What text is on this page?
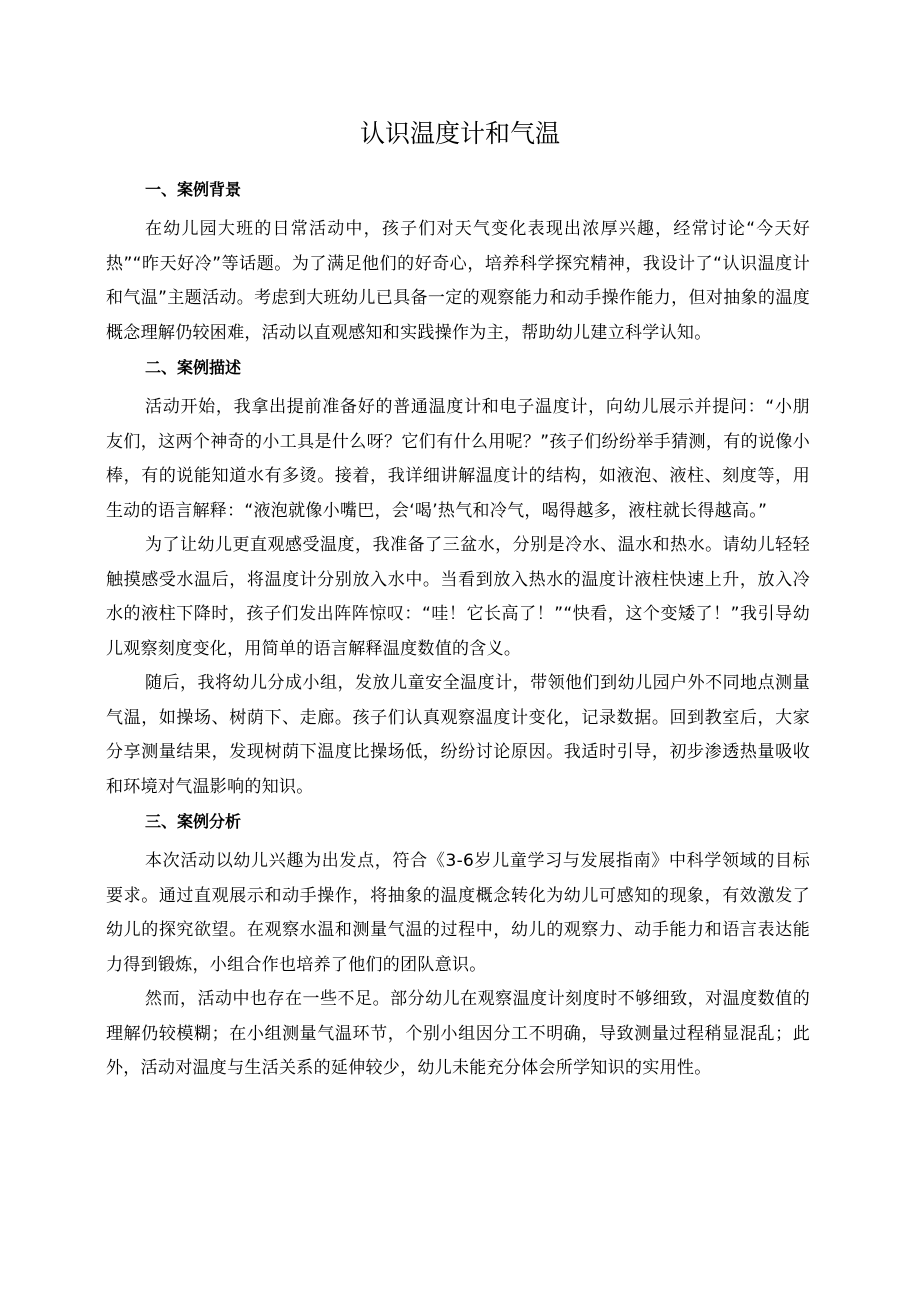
认识温度计和气温
一、案例背景

在幼儿园大班的日常活动中，孩子们对天气变化表现出浓厚兴趣，经常讨论“今天好热”“昨天好冷”等话题。为了满足他们的好奇心，培养科学探究精神，我设计了“认识温度计和气温”主题活动。考虑到大班幼儿已具备一定的观察能力和动手操作能力，但对抽象的温度概念理解仍较困难，活动以直观感知和实践操作为主，帮助幼儿建立科学认知。

二、案例描述

活动开始，我拿出提前准备好的普通温度计和电子温度计，向幼儿展示并提问：“小朋友们，这两个神奇的小工具是什么呀？它们有什么用呢？”孩子们纷纷举手猜测，有的说像小棒，有的说能知道水有多烫。接着，我详细讲解温度计的结构，如液泡、液柱、刻度等，用生动的语言解释：“液泡就像小嘴巴，会‘喝’热气和冷气，喝得越多，液柱就长得越高。”

为了让幼儿更直观感受温度，我准备了三盆水，分别是冷水、温水和热水。请幼儿轻轻触摸感受水温后，将温度计分别放入水中。当看到放入热水的温度计液柱快速上升，放入冷水的液柱下降时，孩子们发出阵阵惊叹：“哇！它长高了！”“快看，这个变矮了！”我引导幼儿观察刻度变化，用简单的语言解释温度数值的含义。

随后，我将幼儿分成小组，发放儿童安全温度计，带领他们到幼儿园户外不同地点测量气温，如操场、树荫下、走廊。孩子们认真观察温度计变化，记录数据。回到教室后，大家分享测量结果，发现树荫下温度比操场低，纷纷讨论原因。我适时引导，初步渗透热量吸收和环境对气温影响的知识。

三、案例分析

本次活动以幼儿兴趣为出发点，符合《3-6岁儿童学习与发展指南》中科学领域的目标要求。通过直观展示和动手操作，将抽象的温度概念转化为幼儿可感知的现象，有效激发了幼儿的探究欲望。在观察水温和测量气温的过程中，幼儿的观察力、动手能力和语言表达能力得到锻炼，小组合作也培养了他们的团队意识。

然而，活动中也存在一些不足。部分幼儿在观察温度计刻度时不够细致，对温度数值的理解仍较模糊；在小组测量气温环节，个别小组因分工不明确，导致测量过程稍显混乱；此外，活动对温度与生活关系的延伸较少，幼儿未能充分体会所学知识的实用性。
